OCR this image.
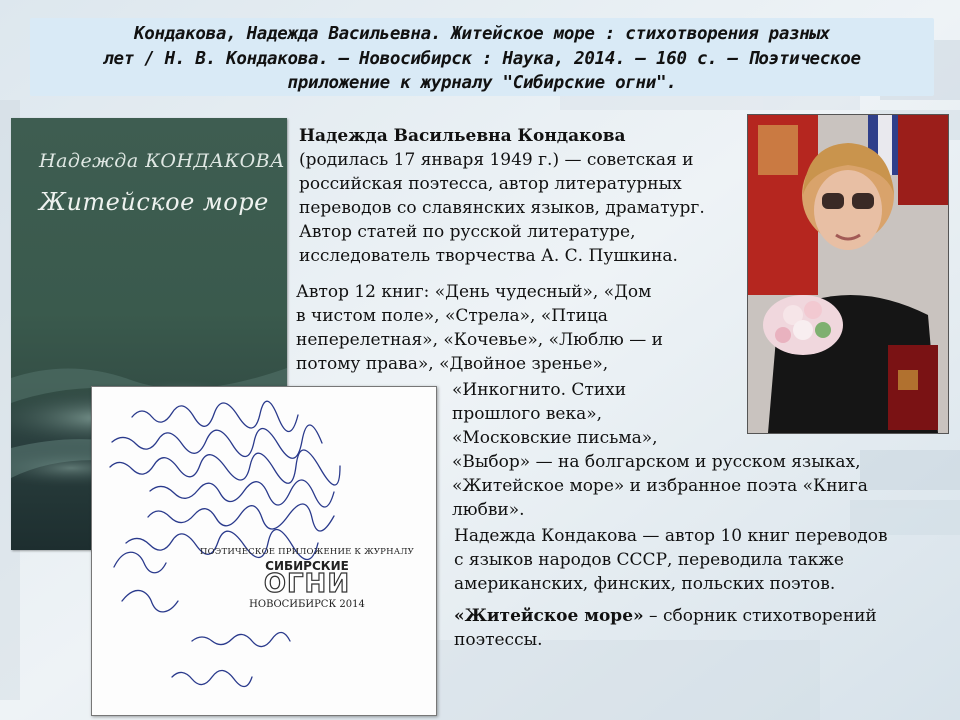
Кондакова, Надежда Васильевна. Житейское море : стихотворения разных
лет / Н. В. Кондакова. – Новосибирск : Наука, 2014. – 160 с. – Поэтическое
приложение к журналу "Сибирские огни".
Надежда КОНДАКОВА
Житейское море
ПОЭТИЧЕСКОЕ ПРИЛОЖЕНИЕ К ЖУРНАЛУ
СИБИРСКИЕ
ОГНИ
НОВОСИБИРСК 2014
Надежда Васильевна Кондакова
(родилась 17 января 1949 г.) — советская и
российская поэтесса, автор литературных
переводов со славянских языков, драматург.
Автор статей по русской литературе,
исследователь творчества А. С. Пушкина.
Автор 12 книг: «День чудесный», «Дом
в чистом поле», «Стрела», «Птица
неперелетная», «Кочевье», «Люблю — и
потому права», «Двойное зренье»,
«Инкогнито. Стихи
прошлого века»,
«Московские письма»,
«Выбор» — на болгарском и русском языках,
«Житейское море» и избранное поэта «Книга
любви».
Надежда Кондакова — автор 10 книг переводов
с языков народов СССР, переводила также
американских, финских, польских поэтов.
«Житейское море» – сборник стихотворений
поэтессы.
